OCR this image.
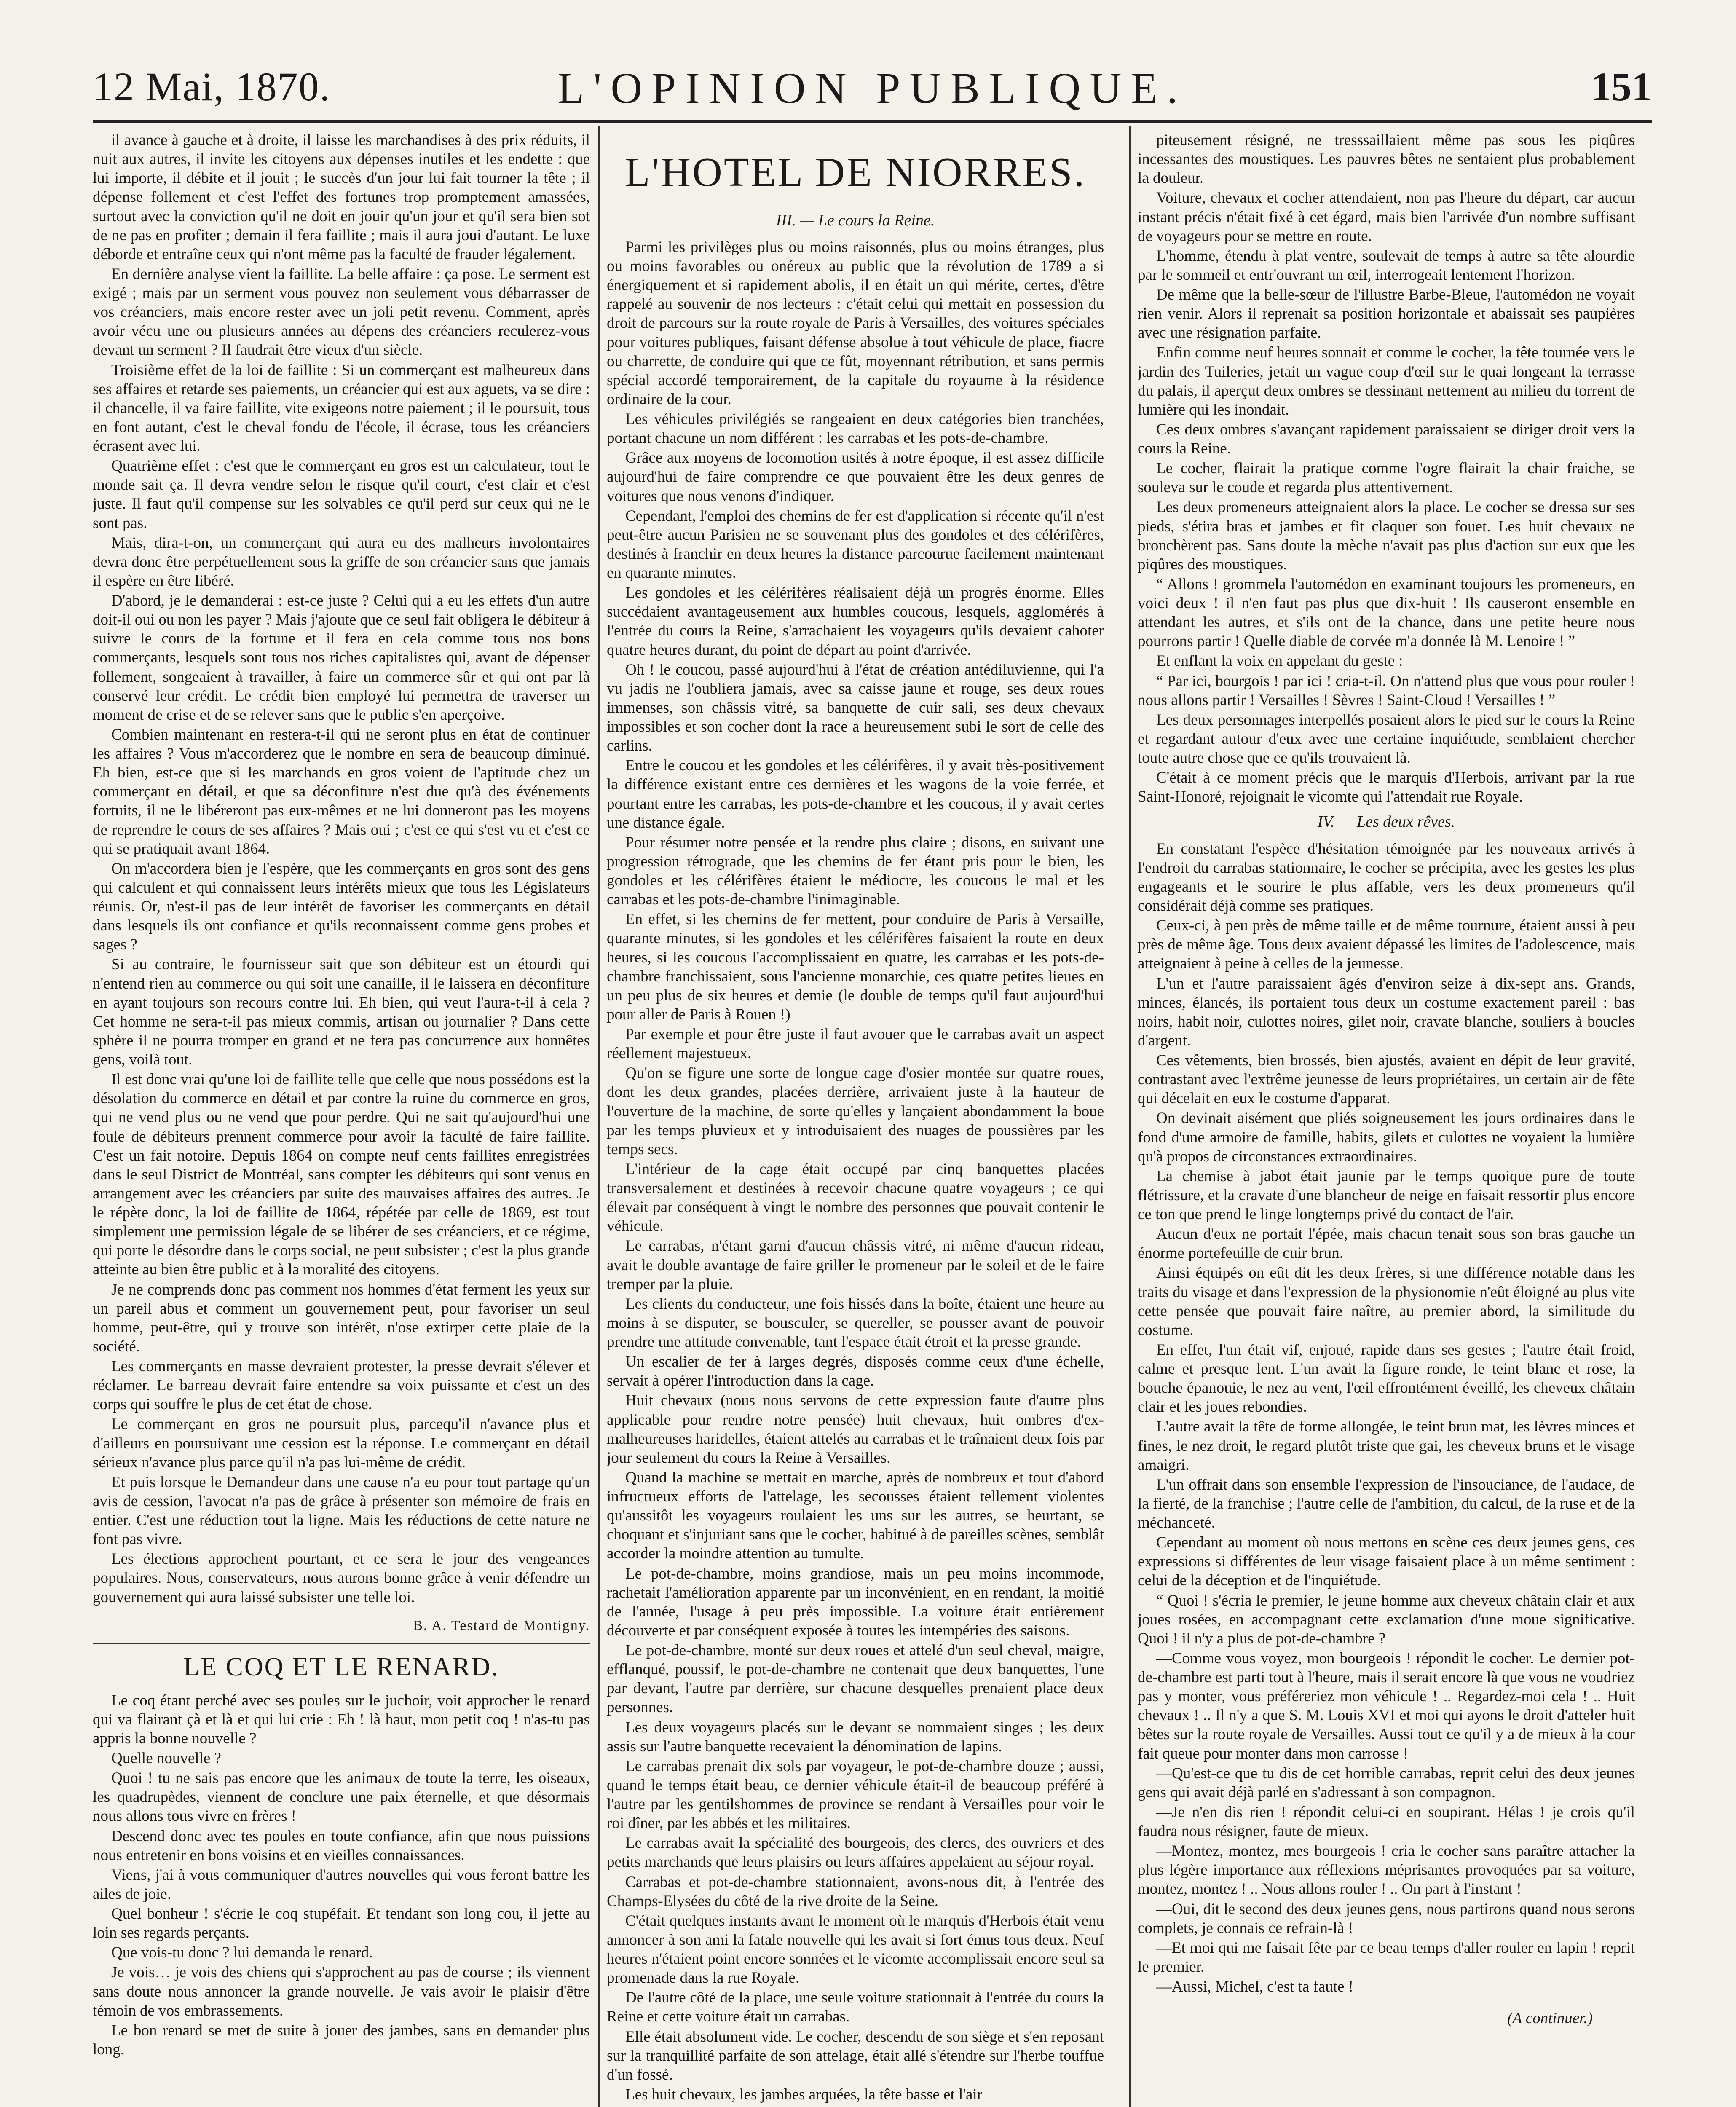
12 Mai, 1870.	L'OPINION PUBLIQUE.	151

il avance à gauche et à droite, il laisse les marchandises à des prix réduits, il nuit aux autres, il invite les citoyens aux dépenses inutiles et les endette : que lui importe, il débite et il jouit ; le succès d'un jour lui fait tourner la tête ; il dépense follement et c'est l'effet des fortunes trop promptement amassées, surtout avec la conviction qu'il ne doit en jouir qu'un jour et qu'il sera bien sot de ne pas en profiter ; demain il fera faillite ; mais il aura joui d'autant. Le luxe déborde et entraîne ceux qui n'ont même pas la faculté de frauder légalement.

En dernière analyse vient la faillite. La belle affaire : ça pose. Le serment est exigé ; mais par un serment vous pouvez non seulement vous débarrasser de vos créanciers, mais encore rester avec un joli petit revenu. Comment, après avoir vécu une ou plusieurs années au dépens des créanciers reculerez-vous devant un serment ? Il faudrait être vieux d'un siècle.

Troisième effet de la loi de faillite : Si un commerçant est malheureux dans ses affaires et retarde ses paiements, un créancier qui est aux aguets, va se dire : il chancelle, il va faire faillite, vite exigeons notre paiement ; il le poursuit, tous en font autant, c'est le cheval fondu de l'école, il écrase, tous les créanciers écrasent avec lui.

Quatrième effet : c'est que le commerçant en gros est un calculateur, tout le monde sait ça. Il devra vendre selon le risque qu'il court, c'est clair et c'est juste. Il faut qu'il compense sur les solvables ce qu'il perd sur ceux qui ne le sont pas.

Mais, dira-t-on, un commerçant qui aura eu des malheurs involontaires devra donc être perpétuellement sous la griffe de son créancier sans que jamais il espère en être libéré.

D'abord, je le demanderai : est-ce juste ? Celui qui a eu les effets d'un autre doit-il oui ou non les payer ? Mais j'ajoute que ce seul fait obligera le débiteur à suivre le cours de la fortune et il fera en cela comme tous nos bons commerçants, lesquels sont tous nos riches capitalistes qui, avant de dépenser follement, songeaient à travailler, à faire un commerce sûr et qui ont par là conservé leur crédit. Le crédit bien employé lui permettra de traverser un moment de crise et de se relever sans que le public s'en aperçoive.

Combien maintenant en restera-t-il qui ne seront plus en état de continuer les affaires ? Vous m'accorderez que le nombre en sera de beaucoup diminué. Eh bien, est-ce que si les marchands en gros voient de l'aptitude chez un commerçant en détail, et que sa déconfiture n'est due qu'à des événements fortuits, il ne le libéreront pas eux-mêmes et ne lui donneront pas les moyens de reprendre le cours de ses affaires ? Mais oui ; c'est ce qui s'est vu et c'est ce qui se pratiquait avant 1864.

On m'accordera bien je l'espère, que les commerçants en gros sont des gens qui calculent et qui connaissent leurs intérêts mieux que tous les Législateurs réunis. Or, n'est-il pas de leur intérêt de favoriser les commerçants en détail dans lesquels ils ont confiance et qu'ils reconnaissent comme gens probes et sages ?

Si au contraire, le fournisseur sait que son débiteur est un étourdi qui n'entend rien au commerce ou qui soit une canaille, il le laissera en déconfiture en ayant toujours son recours contre lui. Eh bien, qui veut l'aura-t-il à cela ? Cet homme ne sera-t-il pas mieux commis, artisan ou journalier ? Dans cette sphère il ne pourra tromper en grand et ne fera pas concurrence aux honnêtes gens, voilà tout.

Il est donc vrai qu'une loi de faillite telle que celle que nous possédons est la désolation du commerce en détail et par contre la ruine du commerce en gros, qui ne vend plus ou ne vend que pour perdre. Qui ne sait qu'aujourd'hui une foule de débiteurs prennent commerce pour avoir la faculté de faire faillite. C'est un fait notoire. Depuis 1864 on compte neuf cents faillites enregistrées dans le seul District de Montréal, sans compter les débiteurs qui sont venus en arrangement avec les créanciers par suite des mauvaises affaires des autres. Je le répète donc, la loi de faillite de 1864, répétée par celle de 1869, est tout simplement une permission légale de se libérer de ses créanciers, et ce régime, qui porte le désordre dans le corps social, ne peut subsister ; c'est la plus grande atteinte au bien être public et à la moralité des citoyens.

Je ne comprends donc pas comment nos hommes d'état ferment les yeux sur un pareil abus et comment un gouvernement peut, pour favoriser un seul homme, peut-être, qui y trouve son intérêt, n'ose extirper cette plaie de la société.

Les commerçants en masse devraient protester, la presse devrait s'élever et réclamer. Le barreau devrait faire entendre sa voix puissante et c'est un des corps qui souffre le plus de cet état de chose.

Le commerçant en gros ne poursuit plus, parcequ'il n'avance plus et d'ailleurs en poursuivant une cession est la réponse. Le commerçant en détail sérieux n'avance plus parce qu'il n'a pas lui-même de crédit.

Et puis lorsque le Demandeur dans une cause n'a eu pour tout partage qu'un avis de cession, l'avocat n'a pas de grâce à présenter son mémoire de frais en entier. C'est une réduction tout la ligne. Mais les réductions de cette nature ne font pas vivre.

Les élections approchent pourtant, et ce sera le jour des vengeances populaires. Nous, conservateurs, nous aurons bonne grâce à venir défendre un gouvernement qui aura laissé subsister une telle loi.

B. A. Testard de Montigny.
LE COQ ET LE RENARD.

Le coq étant perché avec ses poules sur le juchoir, voit approcher le renard qui va flairant çà et là et qui lui crie : Eh ! là haut, mon petit coq ! n'as-tu pas appris la bonne nouvelle ?

Quelle nouvelle ?

Quoi ! tu ne sais pas encore que les animaux de toute la terre, les oiseaux, les quadrupèdes, viennent de conclure une paix éternelle, et que désormais nous allons tous vivre en frères !

Descend donc avec tes poules en toute confiance, afin que nous puissions nous entretenir en bons voisins et en vieilles connaissances.

Viens, j'ai à vous communiquer d'autres nouvelles qui vous feront battre les ailes de joie.

Quel bonheur ! s'écrie le coq stupéfait. Et tendant son long cou, il jette au loin ses regards perçants.

Que vois-tu donc ? lui demanda le renard.

Je vois… je vois des chiens qui s'approchent au pas de course ; ils viennent sans doute nous annoncer la grande nouvelle. Je vais avoir le plaisir d'être témoin de vos embrassements.

Le bon renard se met de suite à jouer des jambes, sans en demander plus long.

L'HOTEL DE NIORRES.
III. — Le cours la Reine.

Parmi les privilèges plus ou moins raisonnés, plus ou moins étranges, plus ou moins favorables ou onéreux au public que la révolution de 1789 a si énergiquement et si rapidement abolis, il en était un qui mérite, certes, d'être rappelé au souvenir de nos lecteurs : c'était celui qui mettait en possession du droit de parcours sur la route royale de Paris à Versailles, des voitures spéciales pour voitures publiques, faisant défense absolue à tout véhicule de place, fiacre ou charrette, de conduire qui que ce fût, moyennant rétribution, et sans permis spécial accordé temporairement, de la capitale du royaume à la résidence ordinaire de la cour.

Les véhicules privilégiés se rangeaient en deux catégories bien tranchées, portant chacune un nom différent : les carrabas et les pots-de-chambre.

Grâce aux moyens de locomotion usités à notre époque, il est assez difficile aujourd'hui de faire comprendre ce que pouvaient être les deux genres de voitures que nous venons d'indiquer.

Cependant, l'emploi des chemins de fer est d'application si récente qu'il n'est peut-être aucun Parisien ne se souvenant plus des gondoles et des célérifères, destinés à franchir en deux heures la distance parcourue facilement maintenant en quarante minutes.

Les gondoles et les célérifères réalisaient déjà un progrès énorme. Elles succédaient avantageusement aux humbles coucous, lesquels, agglomérés à l'entrée du cours la Reine, s'arrachaient les voyageurs qu'ils devaient cahoter quatre heures durant, du point de départ au point d'arrivée.

Oh ! le coucou, passé aujourd'hui à l'état de création antédiluvienne, qui l'a vu jadis ne l'oubliera jamais, avec sa caisse jaune et rouge, ses deux roues immenses, son châssis vitré, sa banquette de cuir sali, ses deux chevaux impossibles et son cocher dont la race a heureusement subi le sort de celle des carlins.

Entre le coucou et les gondoles et les célérifères, il y avait très-positivement la différence existant entre ces dernières et les wagons de la voie ferrée, et pourtant entre les carrabas, les pots-de-chambre et les coucous, il y avait certes une distance égale.

Pour résumer notre pensée et la rendre plus claire ; disons, en suivant une progression rétrograde, que les chemins de fer étant pris pour le bien, les gondoles et les célérifères étaient le médiocre, les coucous le mal et les carrabas et les pots-de-chambre l'inimaginable.

En effet, si les chemins de fer mettent, pour conduire de Paris à Versaille, quarante minutes, si les gondoles et les célérifères faisaient la route en deux heures, si les coucous l'accomplissaient en quatre, les carrabas et les pots-de-chambre franchissaient, sous l'ancienne monarchie, ces quatre petites lieues en un peu plus de six heures et demie (le double de temps qu'il faut aujourd'hui pour aller de Paris à Rouen !)

Par exemple et pour être juste il faut avouer que le carrabas avait un aspect réellement majestueux.

Qu'on se figure une sorte de longue cage d'osier montée sur quatre roues, dont les deux grandes, placées derrière, arrivaient juste à la hauteur de l'ouverture de la machine, de sorte qu'elles y lançaient abondamment la boue par les temps pluvieux et y introduisaient des nuages de poussières par les temps secs.

L'intérieur de la cage était occupé par cinq banquettes placées transversalement et destinées à recevoir chacune quatre voyageurs ; ce qui élevait par conséquent à vingt le nombre des personnes que pouvait contenir le véhicule.

Le carrabas, n'étant garni d'aucun châssis vitré, ni même d'aucun rideau, avait le double avantage de faire griller le promeneur par le soleil et de le faire tremper par la pluie.

Les clients du conducteur, une fois hissés dans la boîte, étaient une heure au moins à se disputer, se bousculer, se quereller, se pousser avant de pouvoir prendre une attitude convenable, tant l'espace était étroit et la presse grande.

Un escalier de fer à larges degrés, disposés comme ceux d'une échelle, servait à opérer l'introduction dans la cage.

Huit chevaux (nous nous servons de cette expression faute d'autre plus applicable pour rendre notre pensée) huit chevaux, huit ombres d'ex-malheureuses haridelles, étaient attelés au carrabas et le traînaient deux fois par jour seulement du cours la Reine à Versailles.

Quand la machine se mettait en marche, après de nombreux et tout d'abord infructueux efforts de l'attelage, les secousses étaient tellement violentes qu'aussitôt les voyageurs roulaient les uns sur les autres, se heurtant, se choquant et s'injuriant sans que le cocher, habitué à de pareilles scènes, semblât accorder la moindre attention au tumulte.

Le pot-de-chambre, moins grandiose, mais un peu moins incommode, rachetait l'amélioration apparente par un inconvénient, en en rendant, la moitié de l'année, l'usage à peu près impossible. La voiture était entièrement découverte et par conséquent exposée à toutes les intempéries des saisons.

Le pot-de-chambre, monté sur deux roues et attelé d'un seul cheval, maigre, efflanqué, poussif, le pot-de-chambre ne contenait que deux banquettes, l'une par devant, l'autre par derrière, sur chacune desquelles prenaient place deux personnes.

Les deux voyageurs placés sur le devant se nommaient singes ; les deux assis sur l'autre banquette recevaient la dénomination de lapins.

Le carrabas prenait dix sols par voyageur, le pot-de-chambre douze ; aussi, quand le temps était beau, ce dernier véhicule était-il de beaucoup préféré à l'autre par les gentilshommes de province se rendant à Versailles pour voir le roi dîner, par les abbés et les militaires.

Le carrabas avait la spécialité des bourgeois, des clercs, des ouvriers et des petits marchands que leurs plaisirs ou leurs affaires appelaient au séjour royal.

Carrabas et pot-de-chambre stationnaient, avons-nous dit, à l'entrée des Champs-Elysées du côté de la rive droite de la Seine.

C'était quelques instants avant le moment où le marquis d'Herbois était venu annoncer à son ami la fatale nouvelle qui les avait si fort émus tous deux. Neuf heures n'étaient point encore sonnées et le vicomte accomplissait encore seul sa promenade dans la rue Royale.

De l'autre côté de la place, une seule voiture stationnait à l'entrée du cours la Reine et cette voiture était un carrabas.

Elle était absolument vide. Le cocher, descendu de son siège et s'en reposant sur la tranquillité parfaite de son attelage, était allé s'étendre sur l'herbe touffue d'un fossé.

Les huit chevaux, les jambes arquées, la tête basse et l'air

piteusement résigné, ne tresssaillaient même pas sous les piqûres incessantes des moustiques. Les pauvres bêtes ne sentaient plus probablement la douleur.

Voiture, chevaux et cocher attendaient, non pas l'heure du départ, car aucun instant précis n'était fixé à cet égard, mais bien l'arrivée d'un nombre suffisant de voyageurs pour se mettre en route.

L'homme, étendu à plat ventre, soulevait de temps à autre sa tête alourdie par le sommeil et entr'ouvrant un œil, interrogeait lentement l'horizon.

De même que la belle-sœur de l'illustre Barbe-Bleue, l'automédon ne voyait rien venir. Alors il reprenait sa position horizontale et abaissait ses paupières avec une résignation parfaite.

Enfin comme neuf heures sonnait et comme le cocher, la tête tournée vers le jardin des Tuileries, jetait un vague coup d'œil sur le quai longeant la terrasse du palais, il aperçut deux ombres se dessinant nettement au milieu du torrent de lumière qui les inondait.

Ces deux ombres s'avançant rapidement paraissaient se diriger droit vers la cours la Reine.

Le cocher, flairait la pratique comme l'ogre flairait la chair fraiche, se souleva sur le coude et regarda plus attentivement.

Les deux promeneurs atteignaient alors la place. Le cocher se dressa sur ses pieds, s'étira bras et jambes et fit claquer son fouet. Les huit chevaux ne bronchèrent pas. Sans doute la mèche n'avait pas plus d'action sur eux que les piqûres des moustiques.

“ Allons ! grommela l'automédon en examinant toujours les promeneurs, en voici deux ! il n'en faut pas plus que dix-huit ! Ils causeront ensemble en attendant les autres, et s'ils ont de la chance, dans une petite heure nous pourrons partir ! Quelle diable de corvée m'a donnée là M. Lenoire ! ”

Et enflant la voix en appelant du geste :

“ Par ici, bourgois ! par ici ! cria-t-il. On n'attend plus que vous pour rouler ! nous allons partir ! Versailles ! Sèvres ! Saint-Cloud ! Versailles ! ”

Les deux personnages interpellés posaient alors le pied sur le cours la Reine et regardant autour d'eux avec une certaine inquiétude, semblaient chercher toute autre chose que ce qu'ils trouvaient là.

C'était à ce moment précis que le marquis d'Herbois, arrivant par la rue Saint-Honoré, rejoignait le vicomte qui l'attendait rue Royale.

IV. — Les deux rêves.

En constatant l'espèce d'hésitation témoignée par les nouveaux arrivés à l'endroit du carrabas stationnaire, le cocher se précipita, avec les gestes les plus engageants et le sourire le plus affable, vers les deux promeneurs qu'il considérait déjà comme ses pratiques.

Ceux-ci, à peu près de même taille et de même tournure, étaient aussi à peu près de même âge. Tous deux avaient dépassé les limites de l'adolescence, mais atteignaient à peine à celles de la jeunesse.

L'un et l'autre paraissaient âgés d'environ seize à dix-sept ans. Grands, minces, élancés, ils portaient tous deux un costume exactement pareil : bas noirs, habit noir, culottes noires, gilet noir, cravate blanche, souliers à boucles d'argent.

Ces vêtements, bien brossés, bien ajustés, avaient en dépit de leur gravité, contrastant avec l'extrême jeunesse de leurs propriétaires, un certain air de fête qui décelait en eux le costume d'apparat.

On devinait aisément que pliés soigneusement les jours ordinaires dans le fond d'une armoire de famille, habits, gilets et culottes ne voyaient la lumière qu'à propos de circonstances extraordinaires.

La chemise à jabot était jaunie par le temps quoique pure de toute flétrissure, et la cravate d'une blancheur de neige en faisait ressortir plus encore ce ton que prend le linge longtemps privé du contact de l'air.

Aucun d'eux ne portait l'épée, mais chacun tenait sous son bras gauche un énorme portefeuille de cuir brun.

Ainsi équipés on eût dit les deux frères, si une différence notable dans les traits du visage et dans l'expression de la physionomie n'eût éloigné au plus vite cette pensée que pouvait faire naître, au premier abord, la similitude du costume.

En effet, l'un était vif, enjoué, rapide dans ses gestes ; l'autre était froid, calme et presque lent. L'un avait la figure ronde, le teint blanc et rose, la bouche épanouie, le nez au vent, l'œil effrontément éveillé, les cheveux châtain clair et les joues rebondies.

L'autre avait la tête de forme allongée, le teint brun mat, les lèvres minces et fines, le nez droit, le regard plutôt triste que gai, les cheveux bruns et le visage amaigri.

L'un offrait dans son ensemble l'expression de l'insouciance, de l'audace, de la fierté, de la franchise ; l'autre celle de l'ambition, du calcul, de la ruse et de la méchanceté.

Cependant au moment où nous mettons en scène ces deux jeunes gens, ces expressions si différentes de leur visage faisaient place à un même sentiment : celui de la déception et de l'inquiétude.

“ Quoi ! s'écria le premier, le jeune homme aux cheveux châtain clair et aux joues rosées, en accompagnant cette exclamation d'une moue significative. Quoi ! il n'y a plus de pot-de-chambre ?

—Comme vous voyez, mon bourgeois ! répondit le cocher. Le dernier pot-de-chambre est parti tout à l'heure, mais il serait encore là que vous ne voudriez pas y monter, vous préféreriez mon véhicule ! .. Regardez-moi cela ! .. Huit chevaux ! .. Il n'y a que S. M. Louis XVI et moi qui ayons le droit d'atteler huit bêtes sur la route royale de Versailles. Aussi tout ce qu'il y a de mieux à la cour fait queue pour monter dans mon carrosse !

—Qu'est-ce que tu dis de cet horrible carrabas, reprit celui des deux jeunes gens qui avait déjà parlé en s'adressant à son compagnon.

—Je n'en dis rien ! répondit celui-ci en soupirant. Hélas ! je crois qu'il faudra nous résigner, faute de mieux.

—Montez, montez, mes bourgeois ! cria le cocher sans paraître attacher la plus légère importance aux réflexions méprisantes provoquées par sa voiture, montez, montez ! .. Nous allons rouler ! .. On part à l'instant !

—Oui, dit le second des deux jeunes gens, nous partirons quand nous serons complets, je connais ce refrain-là !

—Et moi qui me faisait fête par ce beau temps d'aller rouler en lapin ! reprit le premier.

—Aussi, Michel, c'est ta faute !

(A continuer.)
